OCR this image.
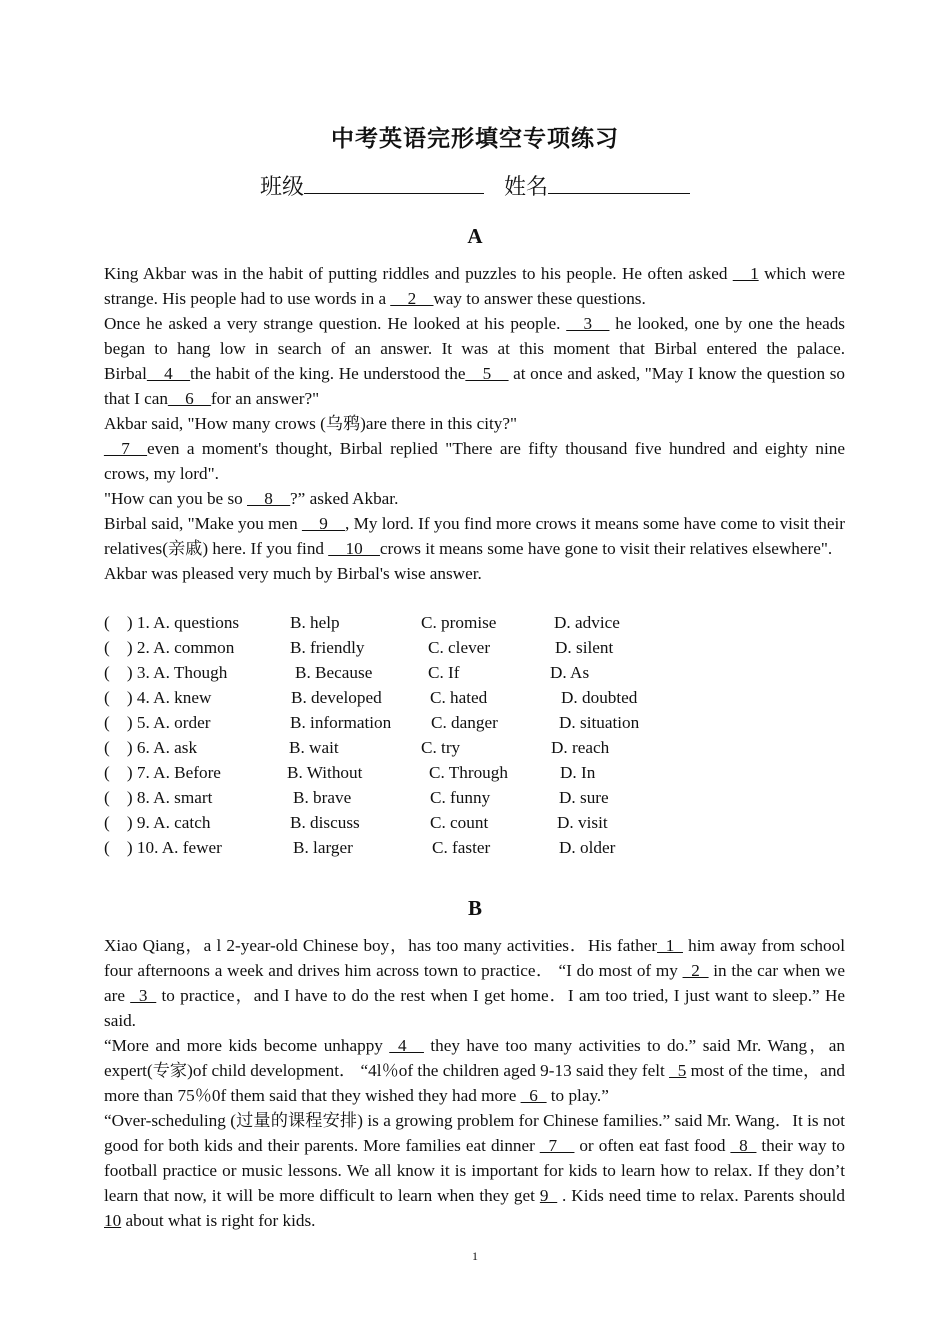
中考英语完形填空专项练习
班级	姓名
A

King Akbar was in the habit of putting riddles and puzzles to his people. He often asked __1 which were strange. His people had to use words in a __2__way to answer these questions.

Once he asked a very strange question. He looked at his people. __3__ he looked, one by one the heads began to hang low in search of an answer. It was at this moment that Birbal entered the palace. Birbal__4__the habit of the king. He understood the__5__ at once and asked, "May I know the question so that I can__6__for an answer?"

Akbar said, "How many crows (乌鸦)are there in this city?"

__7__even a moment's thought, Birbal replied "There are fifty thousand five hundred and eighty nine crows, my lord".

"How can you be so __8__?” asked Akbar.

Birbal said, "Make you men __9__, My lord. If you find more crows it means some have come to visit their relatives(亲戚) here. If you find __10__crows it means some have gone to visit their relatives elsewhere".

Akbar was pleased very much by Birbal's wise answer.

(    ) 1. A. questions	B. help	C. promise	D. advice
(    ) 2. A. common	B. friendly	C. clever	D. silent
(    ) 3. A. Though	B. Because	C. If	D. As
(    ) 4. A. knew	B. developed	C. hated	D. doubted
(    ) 5. A. order	B. information C. danger	D. situation
(    ) 6. A. ask	B. wait	C. try	D. reach
(    ) 7. A. Before	B. Without	C. Through	D. In
(    ) 8. A. smart	B. brave	C. funny	D. sure
(    ) 9. A. catch	B. discuss	C. count	D. visit
(    ) 10. A. fewer	B. larger	C. faster	D. older
B

Xiao Qiang，a l 2-year-old Chinese boy，has too many activities．His father_1_ him away from school four afternoons a week and drives him across town to practice． “I do most of my _2_ in the car when we are _3_ to practice，and I have to do the rest when I get home．I am too tried, I just want to sleep.” He said.

“More and more kids become unhappy _4__ they have too many activities to do.” said Mr. Wang，an expert(专家)of child development． “4l％of the children aged 9-13 said they felt _5 most of the time，and more than 75％0f them said that they wished they had more _6_ to play.”

“Over-scheduling (过量的课程安排) is a growing problem for Chinese families.” said Mr. Wang．It is not good for both kids and their parents. More families eat dinner _7__ or often eat fast food _8_ their way to football practice or music lessons. We all know it is important for kids to learn how to relax. If they don’t learn that now, it will be more difficult to learn when they get 9_ . Kids need time to relax. Parents should 10 about what is right for kids.

1
